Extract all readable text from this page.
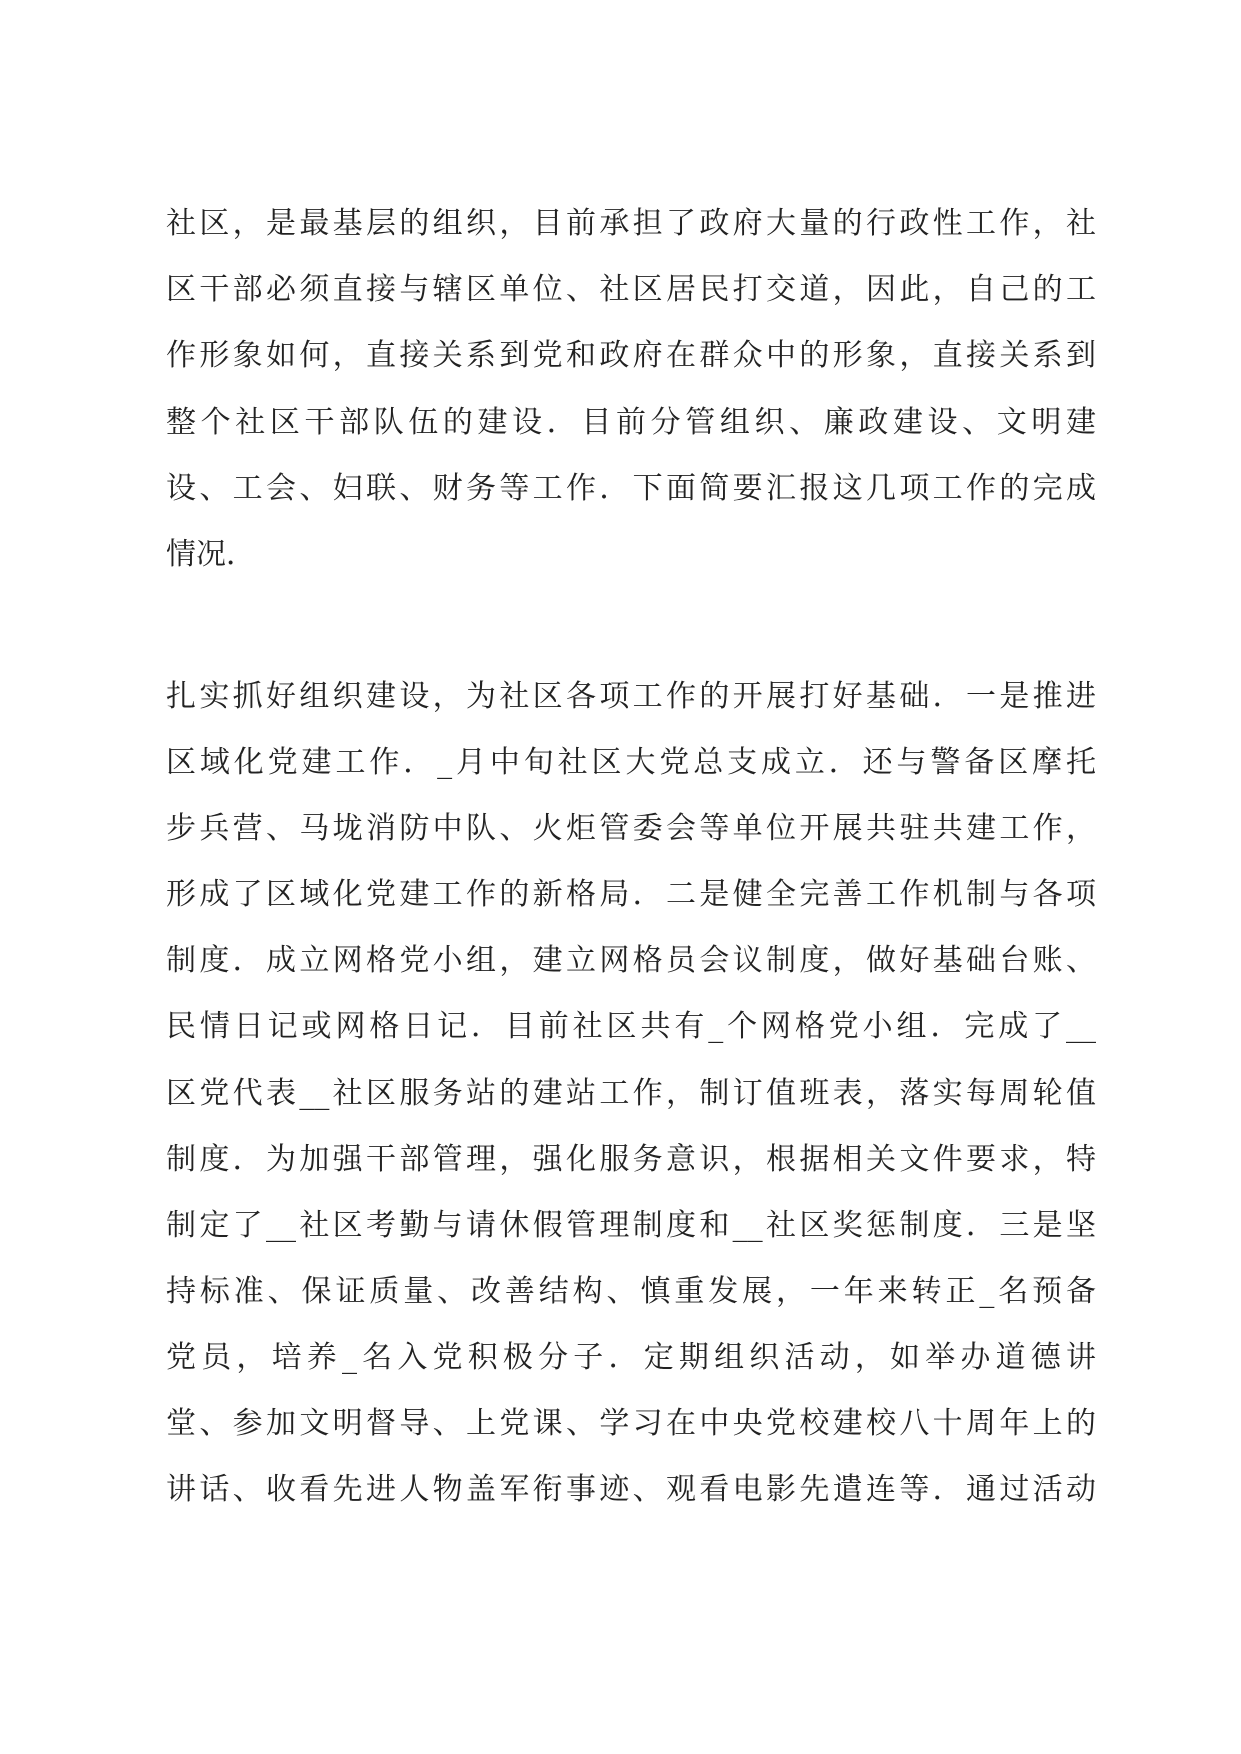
社区，是最基层的组织，目前承担了政府大量的行政性工作，社
区干部必须直接与辖区单位、社区居民打交道，因此，自己的工
作形象如何，直接关系到党和政府在群众中的形象，直接关系到
整个社区干部队伍的建设．目前分管组织、廉政建设、文明建
设、工会、妇联、财务等工作．下面简要汇报这几项工作的完成
情况．
扎实抓好组织建设，为社区各项工作的开展打好基础．一是推进
区域化党建工作．_月中旬社区大党总支成立．还与警备区摩托
步兵营、马垅消防中队、火炬管委会等单位开展共驻共建工作，
形成了区域化党建工作的新格局．二是健全完善工作机制与各项
制度．成立网格党小组，建立网格员会议制度，做好基础台账、
民情日记或网格日记．目前社区共有_个网格党小组．完成了__
区党代表__社区服务站的建站工作，制订值班表，落实每周轮值
制度．为加强干部管理，强化服务意识，根据相关文件要求，特
制定了__社区考勤与请休假管理制度和__社区奖惩制度．三是坚
持标准、保证质量、改善结构、慎重发展，一年来转正_名预备
党员，培养_名入党积极分子．定期组织活动，如举办道德讲
堂、参加文明督导、上党课、学习在中央党校建校八十周年上的
讲话、收看先进人物盖军衔事迹、观看电影先遣连等．通过活动
